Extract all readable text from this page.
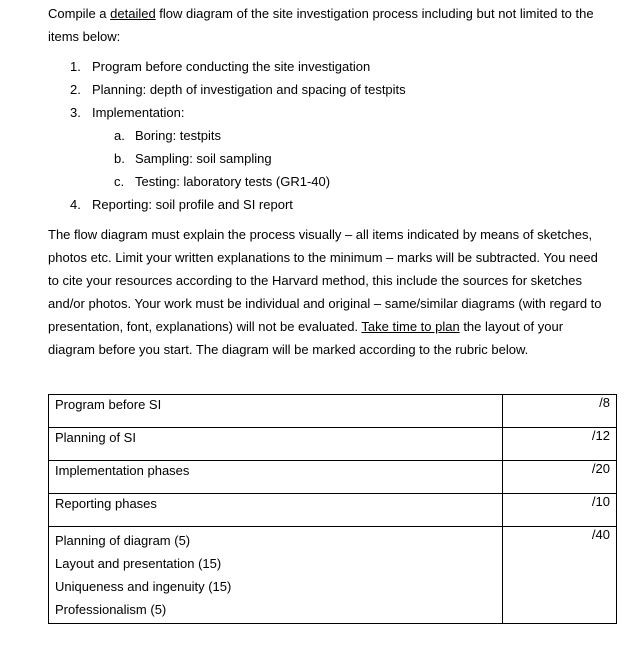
Compile a detailed flow diagram of the site investigation process including but not limited to the
items below:
1. Program before conducting the site investigation
2. Planning: depth of investigation and spacing of testpits
3. Implementation:
a. Boring: testpits
b. Sampling: soil sampling
c. Testing: laboratory tests (GR1-40)
4. Reporting: soil profile and SI report
The flow diagram must explain the process visually – all items indicated by means of sketches,
photos etc. Limit your written explanations to the minimum – marks will be subtracted. You need
to cite your resources according to the Harvard method, this include the sources for sketches
and/or photos. Your work must be individual and original – same/similar diagrams (with regard to
presentation, font, explanations) will not be evaluated. Take time to plan the layout of your
diagram before you start. The diagram will be marked according to the rubric below.
Program before SI	/8
Planning of SI	/12
Implementation phases	/20
Reporting phases	/10

Planning of diagram (5)
Layout and presentation (15)
Uniqueness and ingenuity (15)
Professionalism (5)	/40
